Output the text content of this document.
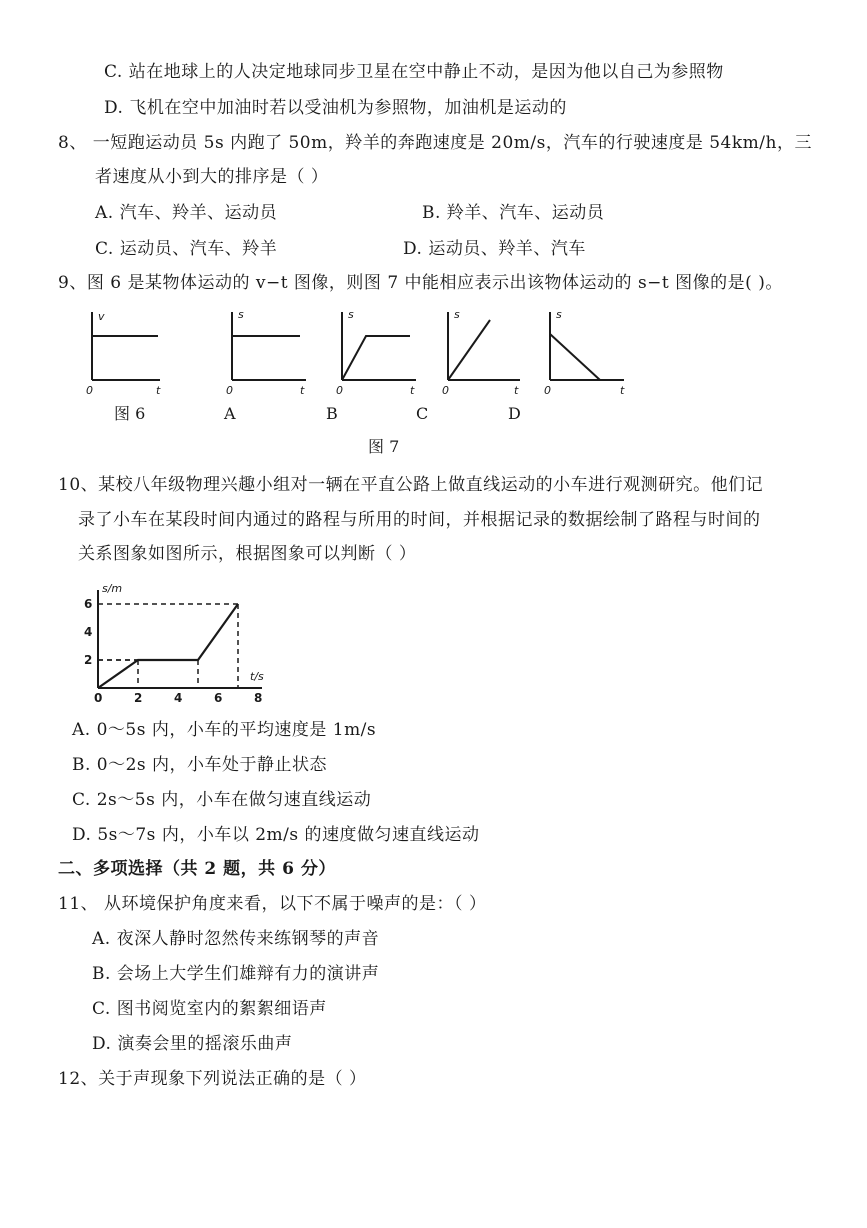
C. 站在地球上的人决定地球同步卫星在空中静止不动，是因为他以自己为参照物
D. 飞机在空中加油时若以受油机为参照物，加油机是运动的
8、 一短跑运动员 5s 内跑了 50m，羚羊的奔跑速度是 20m/s，汽车的行驶速度是 54km/h，三
者速度从小到大的排序是（ ）
A. 汽车、羚羊、运动员	B. 羚羊、汽车、运动员
C. 运动员、汽车、羚羊	D. 运动员、羚羊、汽车
9、图 6 是某物体运动的 v−t 图像，则图 7 中能相应表示出该物体运动的 s−t 图像的是( )。
v
0	t
s
0	t
s
0	t
s
0	t
s
0	t
图 6	A	B	C	D
图 7
10、某校八年级物理兴趣小组对一辆在平直公路上做直线运动的小车进行观测研究。他们记
录了小车在某段时间内通过的路程与所用的时间，并根据记录的数据绘制了路程与时间的
关系图象如图所示，根据图象可以判断（ ）
0	2	4	6	8
2
4
6
s/m
t/s
A. 0～5s 内，小车的平均速度是 1m/s
B. 0～2s 内，小车处于静止状态
C. 2s～5s 内，小车在做匀速直线运动
D. 5s～7s 内，小车以 2m/s 的速度做匀速直线运动
二、多项选择（共 2 题，共 6 分）
11、 从环境保护角度来看，以下不属于噪声的是：（ ）
A. 夜深人静时忽然传来练钢琴的声音
B. 会场上大学生们雄辩有力的演讲声
C. 图书阅览室内的絮絮细语声
D. 演奏会里的摇滚乐曲声
12、关于声现象下列说法正确的是（ ）
